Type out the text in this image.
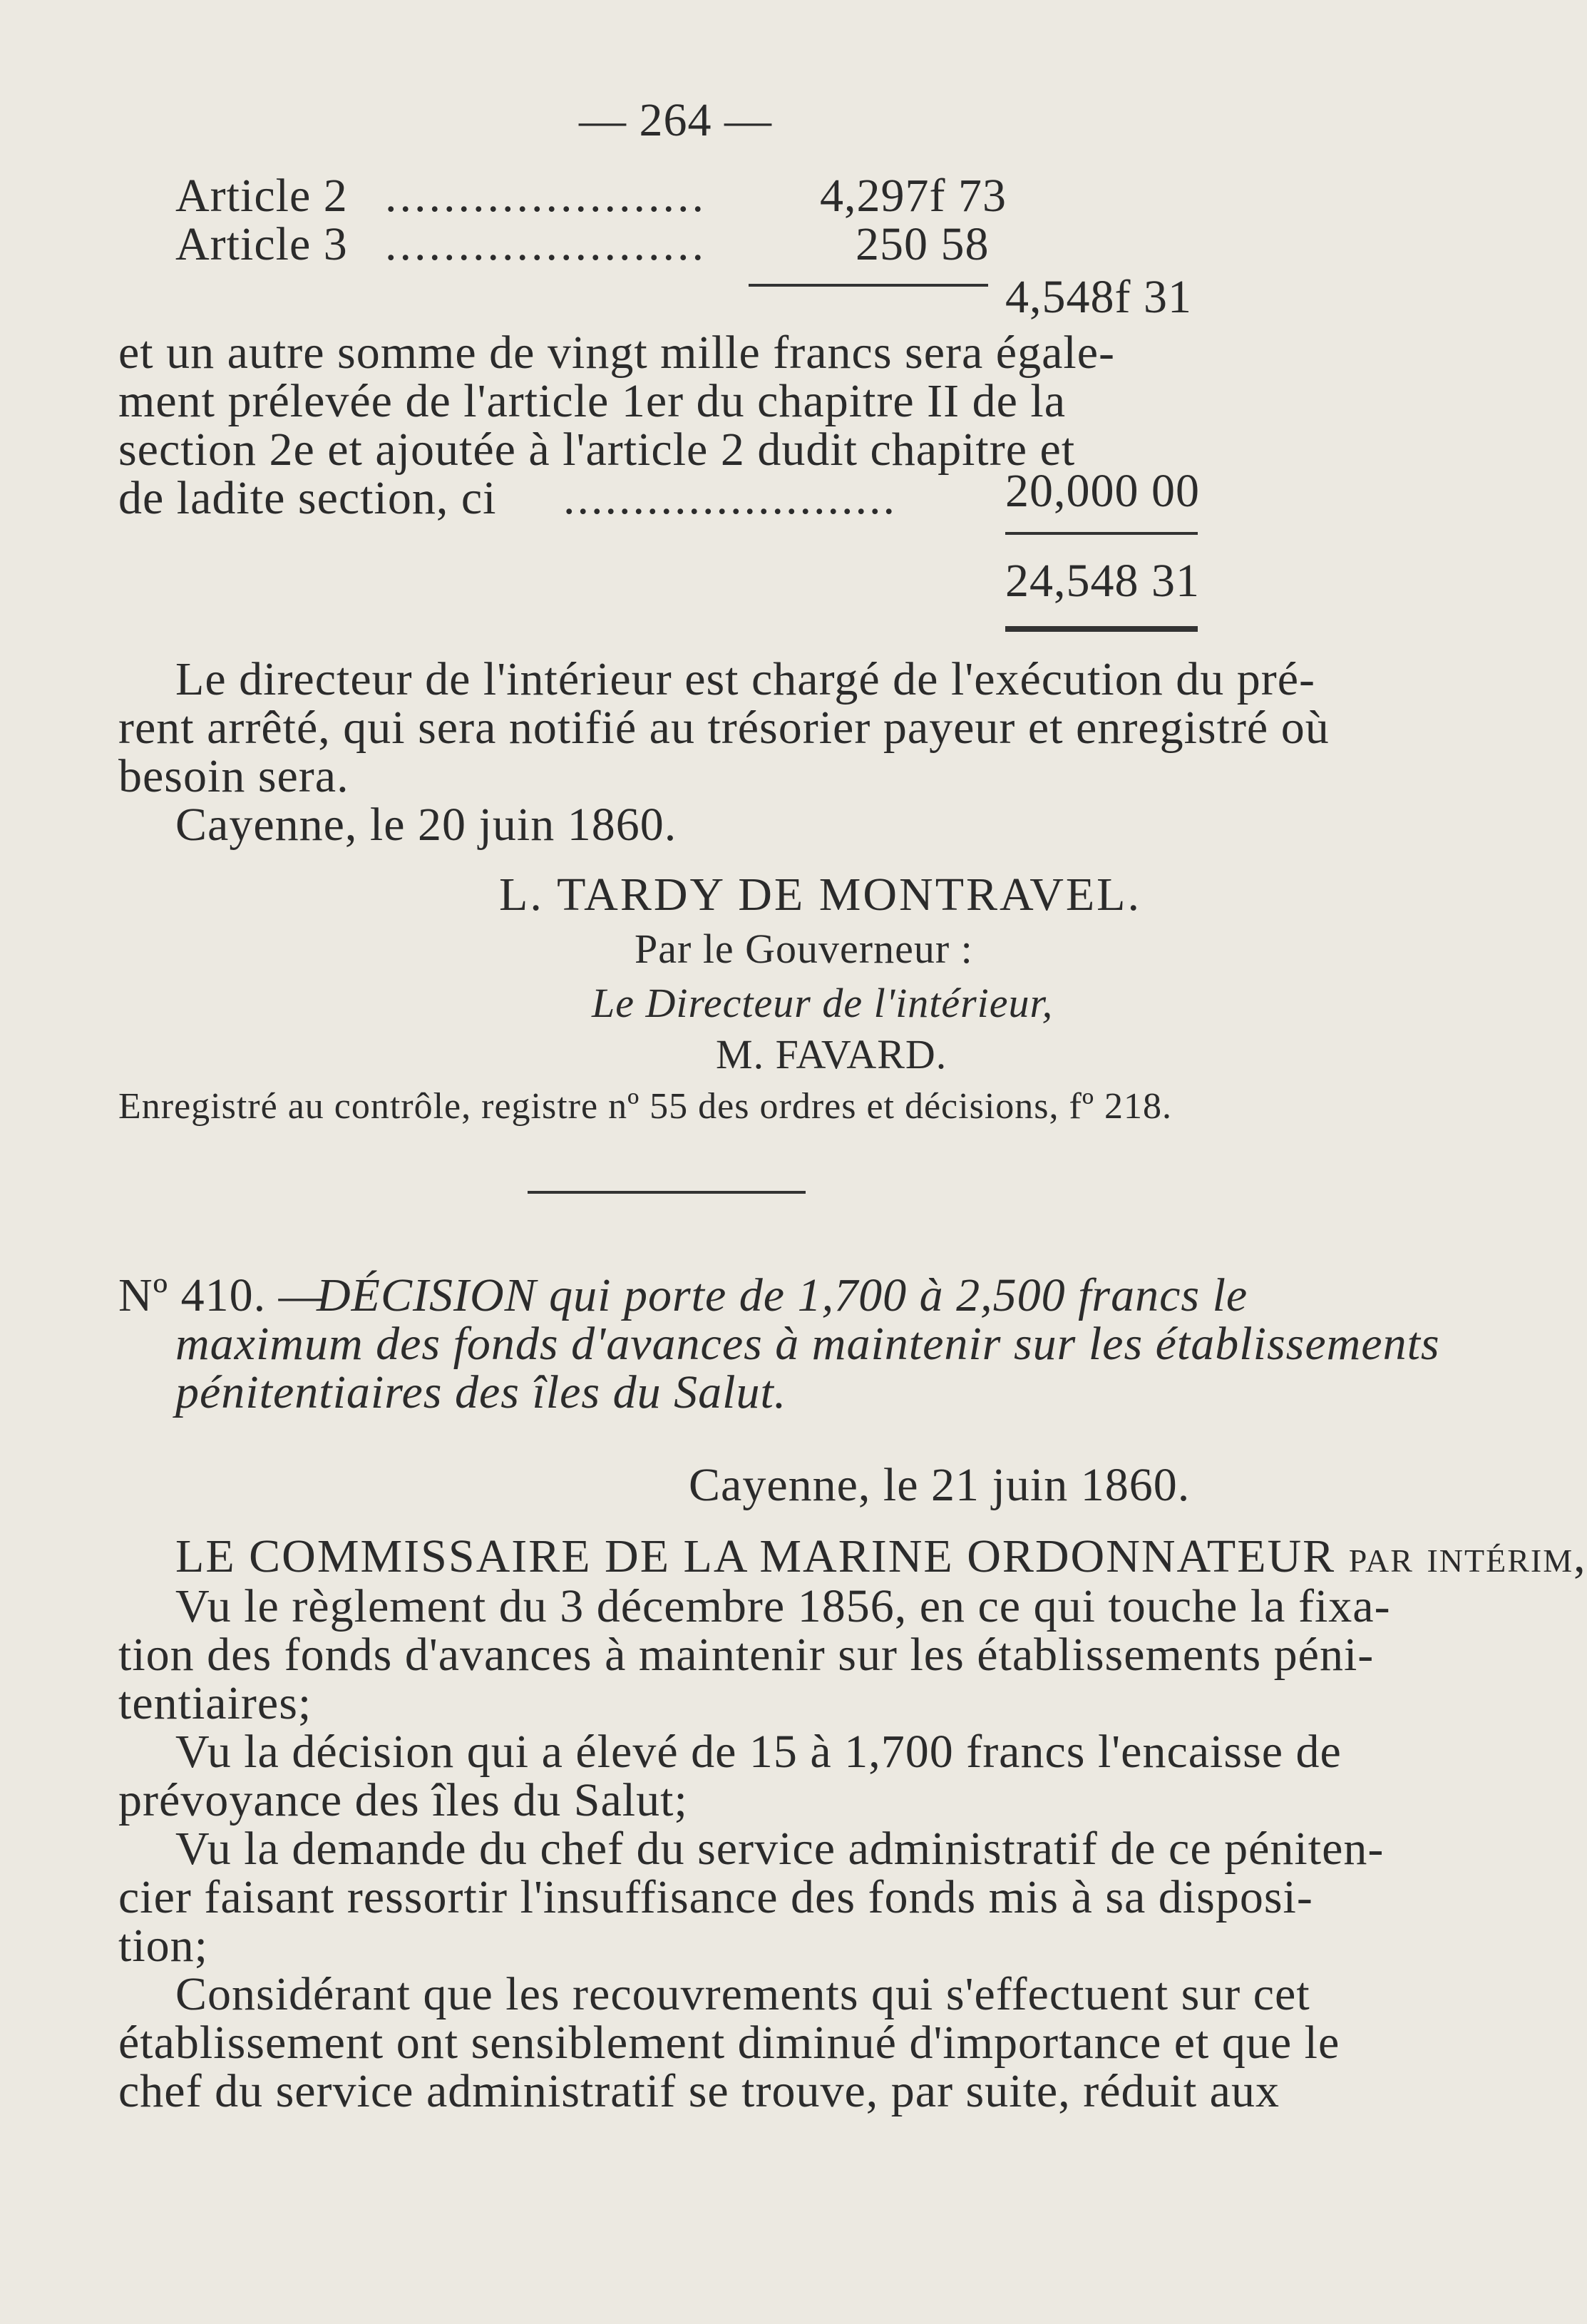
— 264 —
Article 2 ...................... 4,297f 73
Article 3 ......................	250 58
4,548f 31
et un autre somme de vingt mille francs sera égale-
ment prélevée de l'article 1er du chapitre II de la
section 2e et ajoutée à l'article 2 dudit chapitre et
de ladite section, ci ........................ 20,000 00
24,548 31
Le directeur de l'intérieur est chargé de l'exécution du pré-
rent arrêté, qui sera notifié au trésorier payeur et enregistré où
besoin sera.
Cayenne, le 20 juin 1860.
L. TARDY DE MONTRAVEL.
Par le Gouverneur :
Le Directeur de l'intérieur,
M. FAVARD.
Enregistré au contrôle, registre nº 55 des ordres et décisions, fº 218.
Nº 410. —
DÉCISION qui porte de 1,700 à 2,500 francs le
maximum des fonds d'avances à maintenir sur les établissements
pénitentiaires des îles du Salut.
Cayenne, le 21 juin 1860.
LE COMMISSAIRE DE LA MARINE ORDONNATEUR par intérim,
Vu le règlement du 3 décembre 1856, en ce qui touche la fixa-
tion des fonds d'avances à maintenir sur les établissements péni-
tentiaires;
Vu la décision qui a élevé de 15 à 1,700 francs l'encaisse de
prévoyance des îles du Salut;
Vu la demande du chef du service administratif de ce péniten-
cier faisant ressortir l'insuffisance des fonds mis à sa disposi-
tion;
Considérant que les recouvrements qui s'effectuent sur cet
établissement ont sensiblement diminué d'importance et que le
chef du service administratif se trouve, par suite, réduit aux
